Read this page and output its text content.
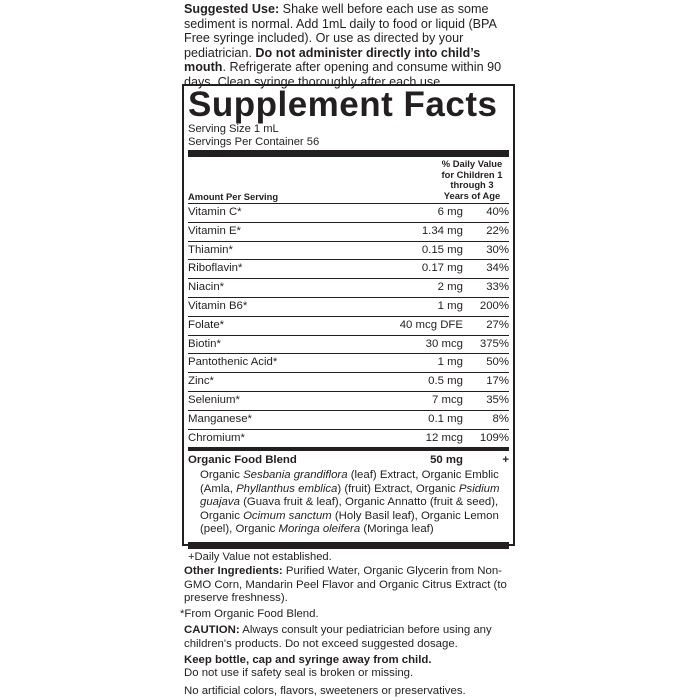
Suggested Use: Shake well before each use as some sediment is normal. Add 1mL daily to food or liquid (BPA Free syringe included). Or use as directed by your pediatrician. Do not administer directly into child’s mouth. Refrigerate after opening and consume within 90 days. Clean syringe thoroughly after each use.
Supplement Facts
Serving Size 1 mL
Servings Per Container 56
% Daily Value for Children 1 through 3 Years of Age
Amount Per Serving
Vitamin C*	6 mg	40%
Vitamin E*	1.34 mg	22%
Thiamin*	0.15 mg	30%
Riboflavin*	0.17 mg	34%
Niacin*	2 mg	33%
Vitamin B6*	1 mg	200%
Folate*	40 mcg DFE	27%
Biotin*	30 mcg	375%
Pantothenic Acid*	1 mg	50%
Zinc*	0.5 mg	17%
Selenium*	7 mcg	35%
Manganese*	0.1 mg	8%
Chromium*	12 mcg	109%
Organic Food Blend	50 mg	+
Organic Sesbania grandiflora (leaf) Extract, Organic Emblic (Amla, Phyllanthus emblica) (fruit) Extract, Organic Psidium guajava (Guava fruit & leaf), Organic Annatto (fruit & seed), Organic Ocimum sanctum (Holy Basil leaf), Organic Lemon (peel), Organic Moringa oleifera (Moringa leaf)
+Daily Value not established.
Other Ingredients: Purified Water, Organic Glycerin from Non-GMO Corn, Mandarin Peel Flavor and Organic Citrus Extract (to preserve freshness).
*From Organic Food Blend.
CAUTION: Always consult your pediatrician before using any children's products. Do not exceed suggested dosage.
Keep bottle, cap and syringe away from child.
Do not use if safety seal is broken or missing.
No artificial colors, flavors, sweeteners or preservatives.
